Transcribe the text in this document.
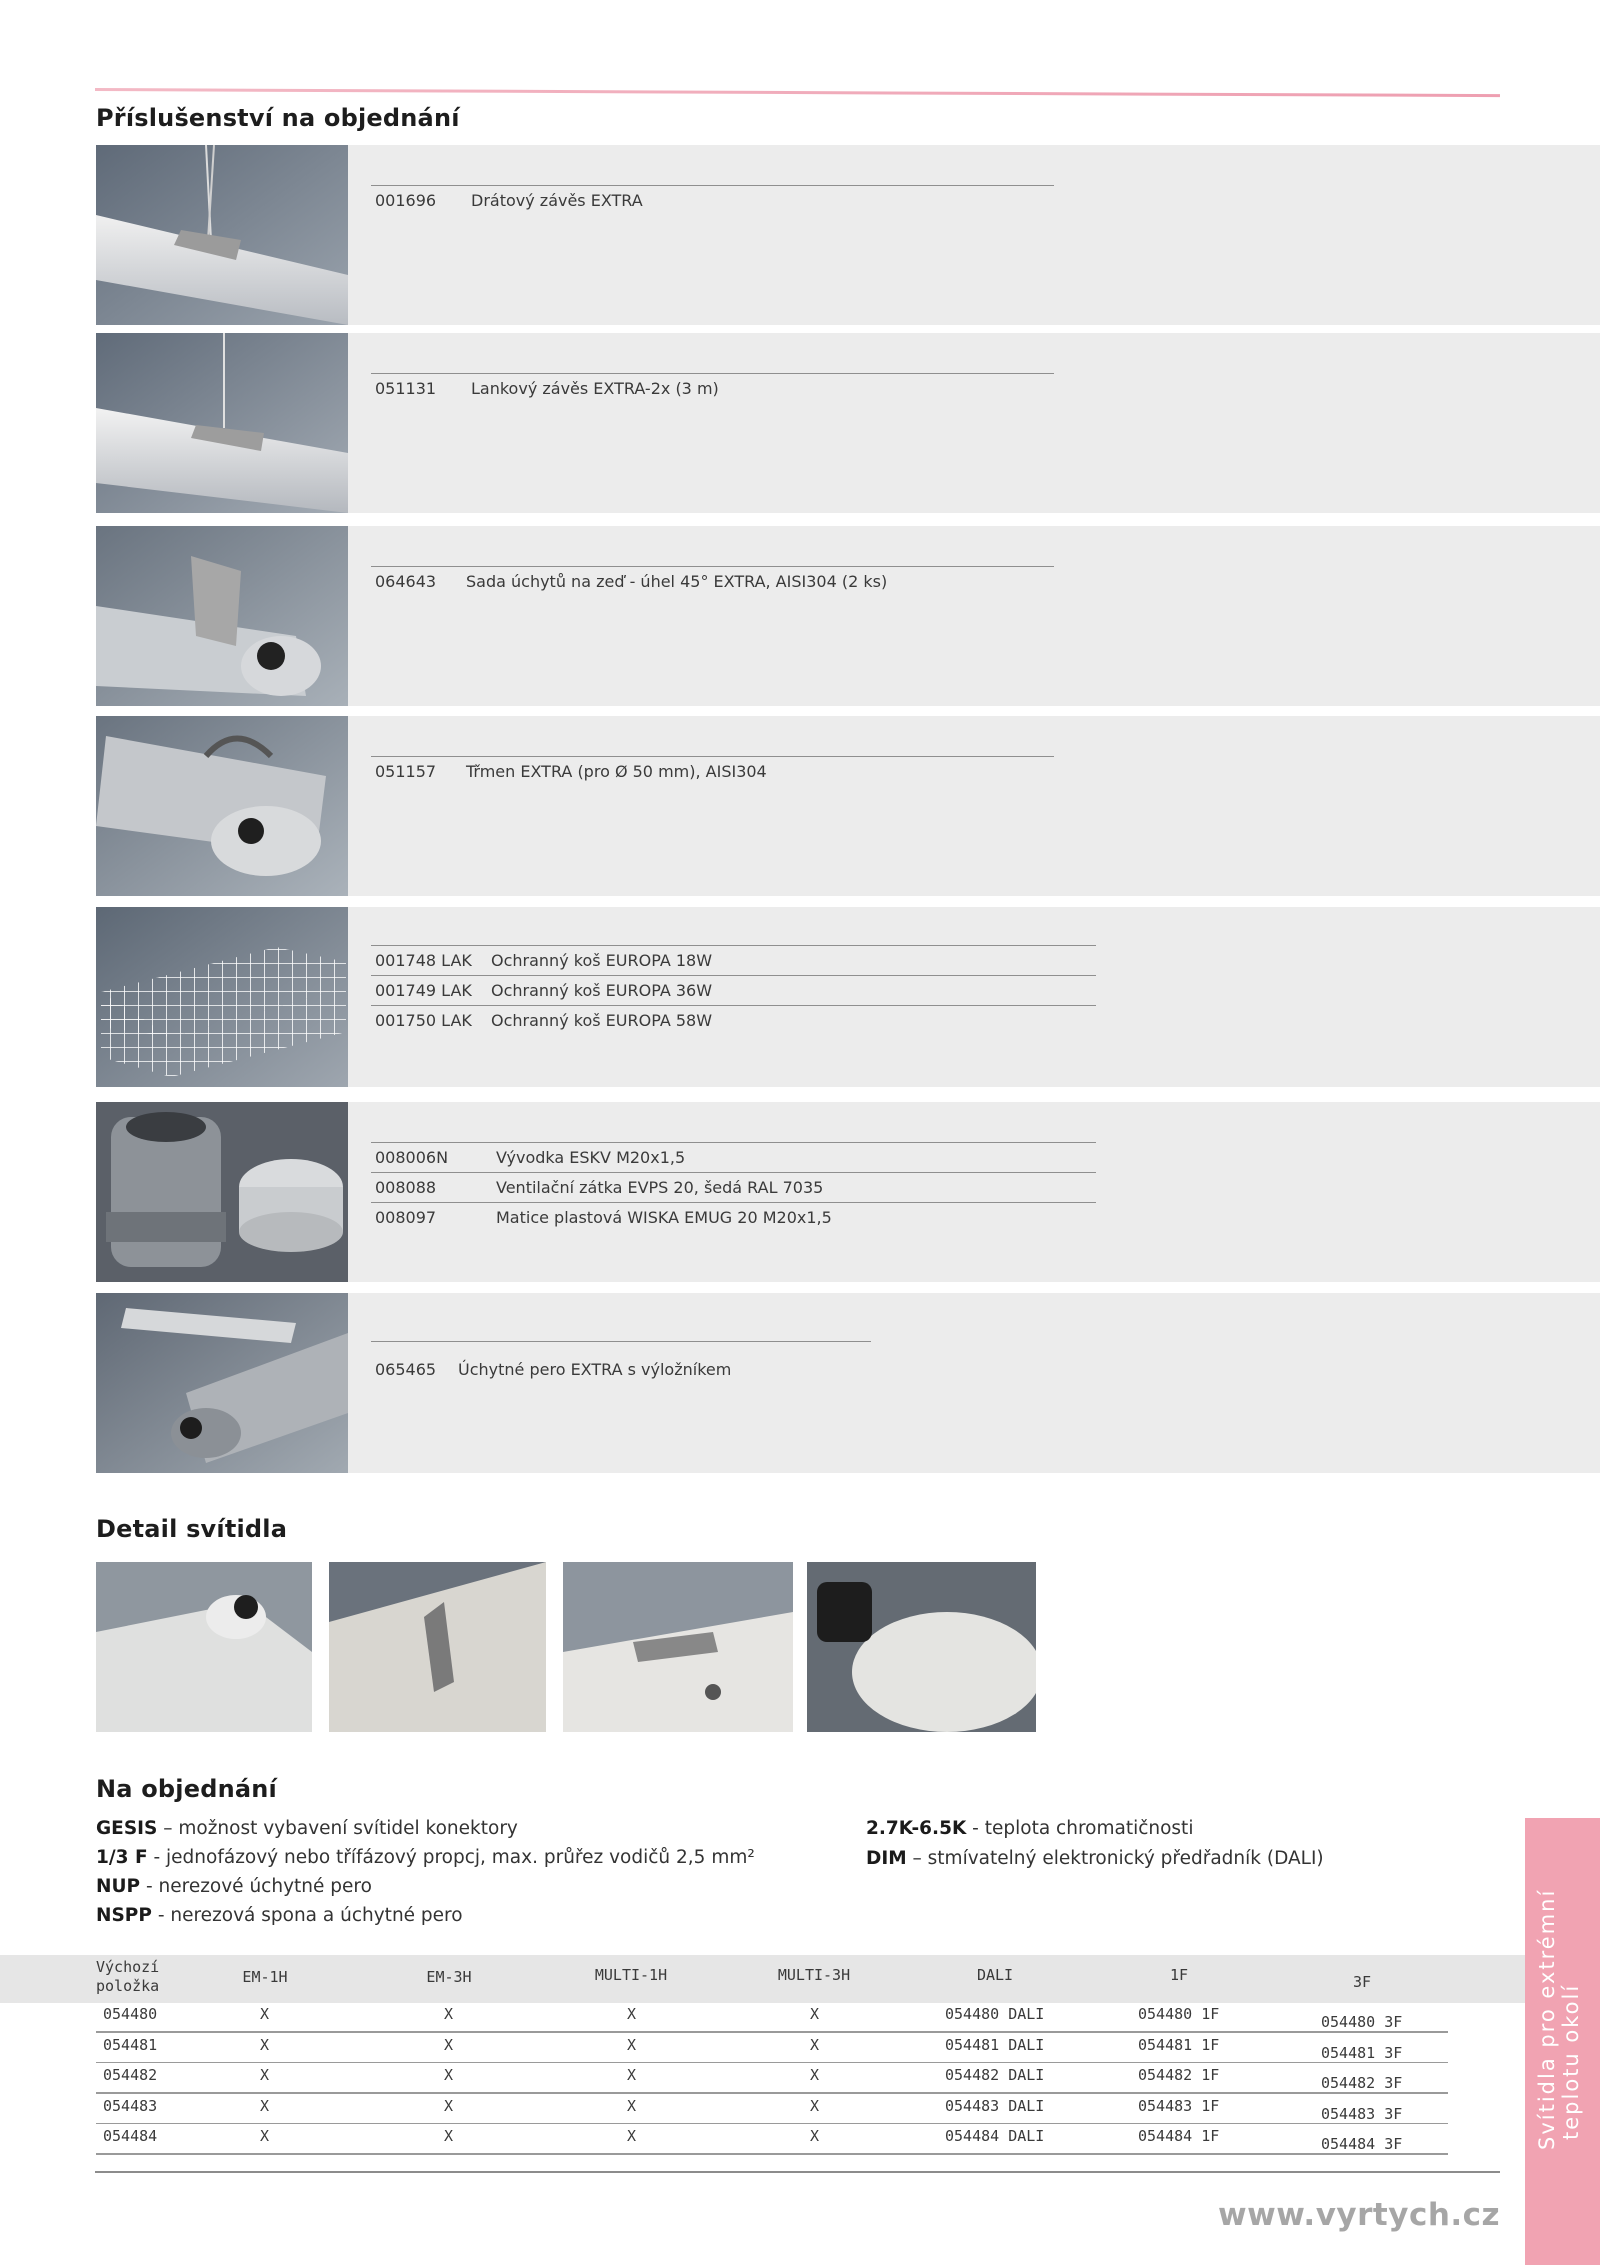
Příslušenství na objednání
001696 Drátový závěs EXTRA
051131 Lankový závěs EXTRA-2x (3 m)
064643 Sada úchytů na zeď - úhel 45° EXTRA, AISI304 (2 ks)
051157 Třmen EXTRA (pro Ø 50 mm), AISI304
001748 LAK Ochranný koš EUROPA 18W
001749 LAK Ochranný koš EUROPA 36W
001750 LAK Ochranný koš EUROPA 58W
008006N	Vývodka ESKV M20x1,5
008088	Ventilační zátka EVPS 20, šedá RAL 7035
008097	Matice plastová WISKA EMUG 20 M20x1,5
065465 Úchytné pero EXTRA s výložníkem
Detail svítidla
Na objednání
GESIS – možnost vybavení svítidel konektory
1/3 F - jednofázový nebo třífázový propcj, max. průřez vodičů 2,5 mm²
NUP - nerezové úchytné pero
NSPP - nerezová spona a úchytné pero
2.7K-6.5K - teplota chromatičnosti
DIM – stmívatelný elektronický předřadník (DALI)
Výchozí
položka	EM-1H	EM-3H	MULTI-1H	MULTI-3H	DALI	1F	3F
054480	X	X	X	X	054480 DALI	054480 1F	054480 3F
054481	X	X	X	X	054481 DALI	054481 1F	054481 3F
054482	X	X	X	X	054482 DALI	054482 1F	054482 3F
054483	X	X	X	X	054483 DALI	054483 1F	054483 3F
054484	X	X	X	X	054484 DALI	054484 1F	054484 3F
www.vyrtych.cz
